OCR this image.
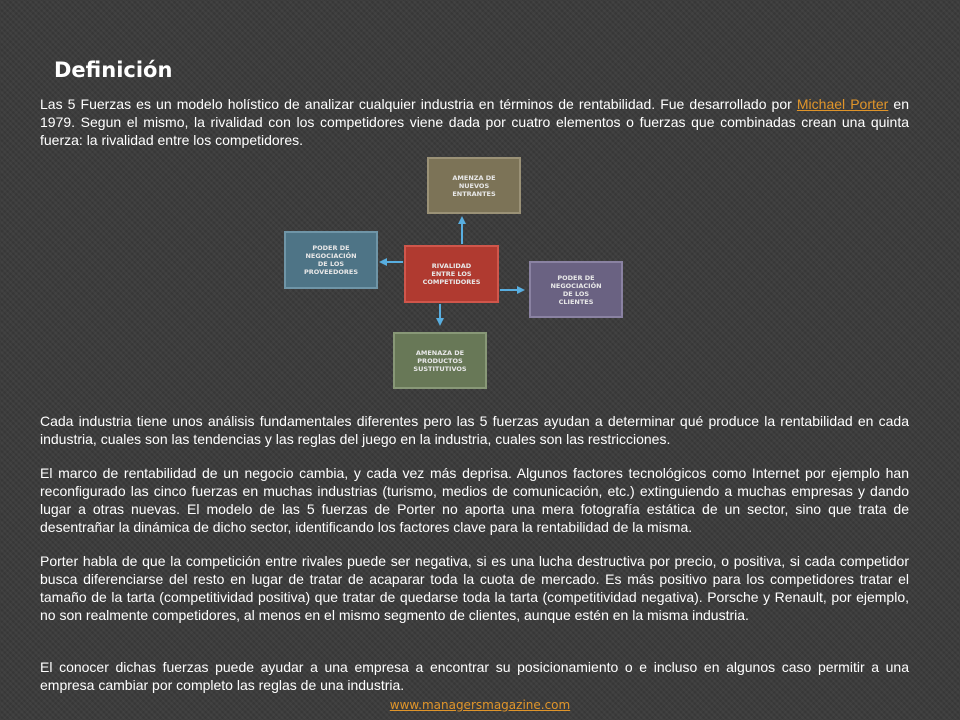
Definición

Las 5 Fuerzas es un modelo holístico de analizar cualquier industria en términos de rentabilidad. Fue desarrollado por Michael Porter en 1979. Segun el mismo, la rivalidad con los competidores viene dada por cuatro elementos o fuerzas que combinadas crean una quinta fuerza: la rivalidad entre los competidores.

AMENZA DE
NUEVOS
ENTRANTES
PODER DE
NEGOCIACIÓN
DE LOS
PROVEEDORES
RIVALIDAD
ENTRE LOS
COMPETIDORES
PODER DE
NEGOCIACIÓN
DE LOS
CLIENTES
AMENAZA DE
PRODUCTOS
SUSTITUTIVOS

Cada industria tiene unos análisis fundamentales diferentes pero las 5 fuerzas ayudan a determinar qué produce la rentabilidad en cada industria, cuales son las tendencias y las reglas del juego en la industria, cuales son las restricciones.

El marco de rentabilidad de un negocio cambia, y cada vez más deprisa. Algunos factores tecnológicos como Internet por ejemplo han reconfigurado las cinco fuerzas en muchas industrias (turismo, medios de comunicación, etc.) extinguiendo a muchas empresas y dando lugar a otras nuevas. El modelo de las 5 fuerzas de Porter no aporta una mera fotografía estática de un sector, sino que trata de desentrañar la dinámica de dicho sector, identificando los factores clave para la rentabilidad de la misma.

Porter habla de que la competición entre rivales puede ser negativa, si es una lucha destructiva por precio, o positiva, si cada competidor busca diferenciarse del resto en lugar de tratar de acaparar toda la cuota de mercado. Es más positivo para los competidores tratar el tamaño de la tarta (competitividad positiva) que tratar de quedarse toda la tarta (competitividad negativa). Porsche y Renault, por ejemplo, no son realmente competidores, al menos en el mismo segmento de clientes, aunque estén en la misma industria.

El conocer dichas fuerzas puede ayudar a una empresa a encontrar su posicionamiento o e incluso en algunos caso permitir a una empresa cambiar por completo las reglas de una industria.

www.managersmagazine.com
